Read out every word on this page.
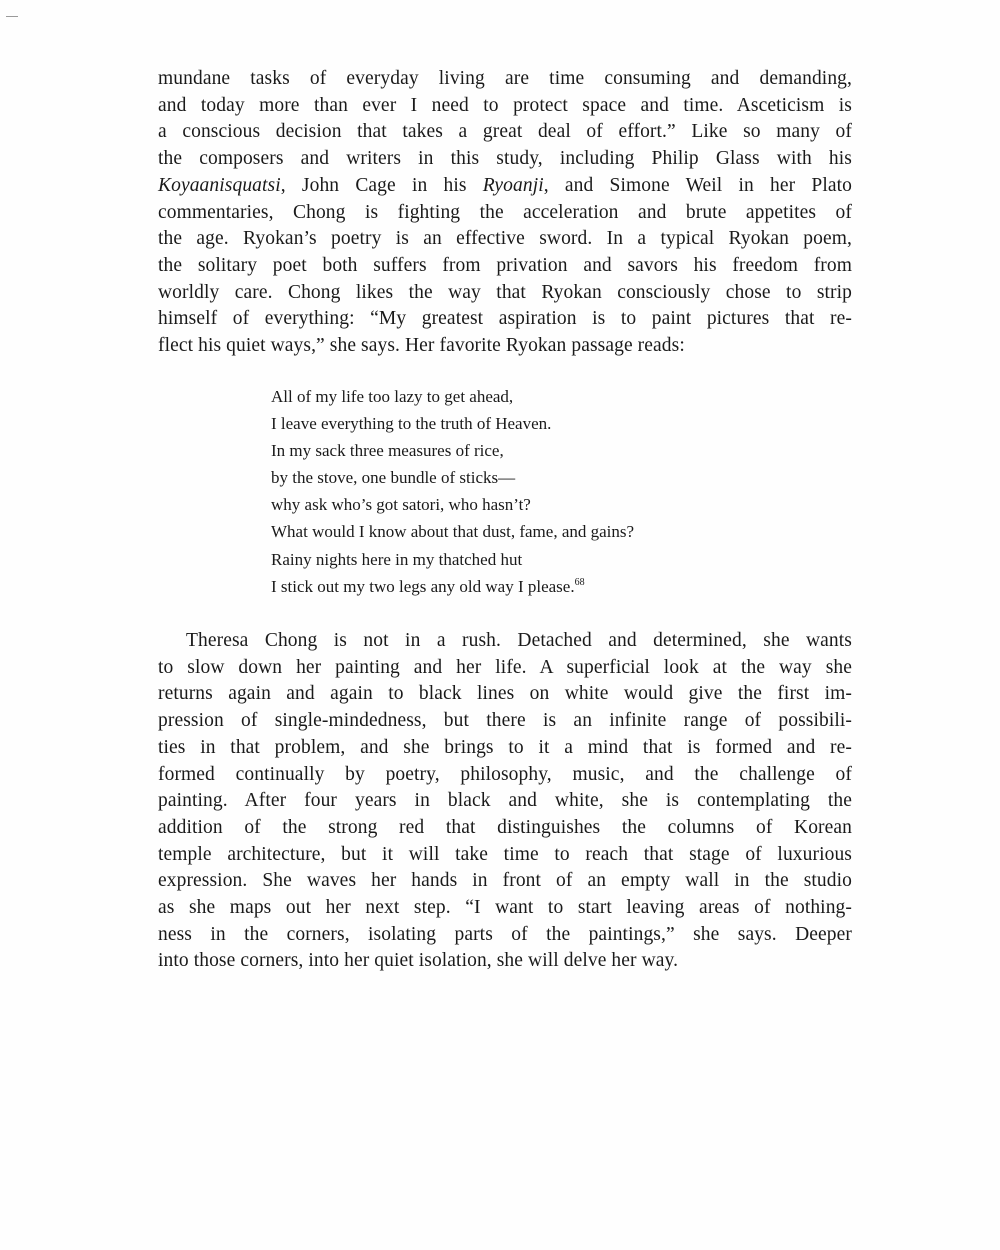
mundane tasks of everyday living are time consuming and demanding,
and today more than ever I need to protect space and time. Asceticism is
a conscious decision that takes a great deal of effort.” Like so many of
the composers and writers in this study, including Philip Glass with his
Koyaanisquatsi, John Cage in his Ryoanji, and Simone Weil in her Plato
commentaries, Chong is fighting the acceleration and brute appetites of
the age. Ryokan’s poetry is an effective sword. In a typical Ryokan poem,
the solitary poet both suffers from privation and savors his freedom from
worldly care. Chong likes the way that Ryokan consciously chose to strip
himself of everything: “My greatest aspiration is to paint pictures that re-
flect his quiet ways,” she says. Her favorite Ryokan passage reads:
All of my life too lazy to get ahead,
I leave everything to the truth of Heaven.
In my sack three measures of rice,
by the stove, one bundle of sticks—
why ask who’s got satori, who hasn’t?
What would I know about that dust, fame, and gains?
Rainy nights here in my thatched hut
I stick out my two legs any old way I please.$^{68}$
Theresa Chong is not in a rush. Detached and determined, she wants
to slow down her painting and her life. A superficial look at the way she
returns again and again to black lines on white would give the first im-
pression of single-mindedness, but there is an infinite range of possibili-
ties in that problem, and she brings to it a mind that is formed and re-
formed continually by poetry, philosophy, music, and the challenge of
painting. After four years in black and white, she is contemplating the
addition of the strong red that distinguishes the columns of Korean
temple architecture, but it will take time to reach that stage of luxurious
expression. She waves her hands in front of an empty wall in the studio
as she maps out her next step. “I want to start leaving areas of nothing-
ness in the corners, isolating parts of the paintings,” she says. Deeper
into those corners, into her quiet isolation, she will delve her way.
